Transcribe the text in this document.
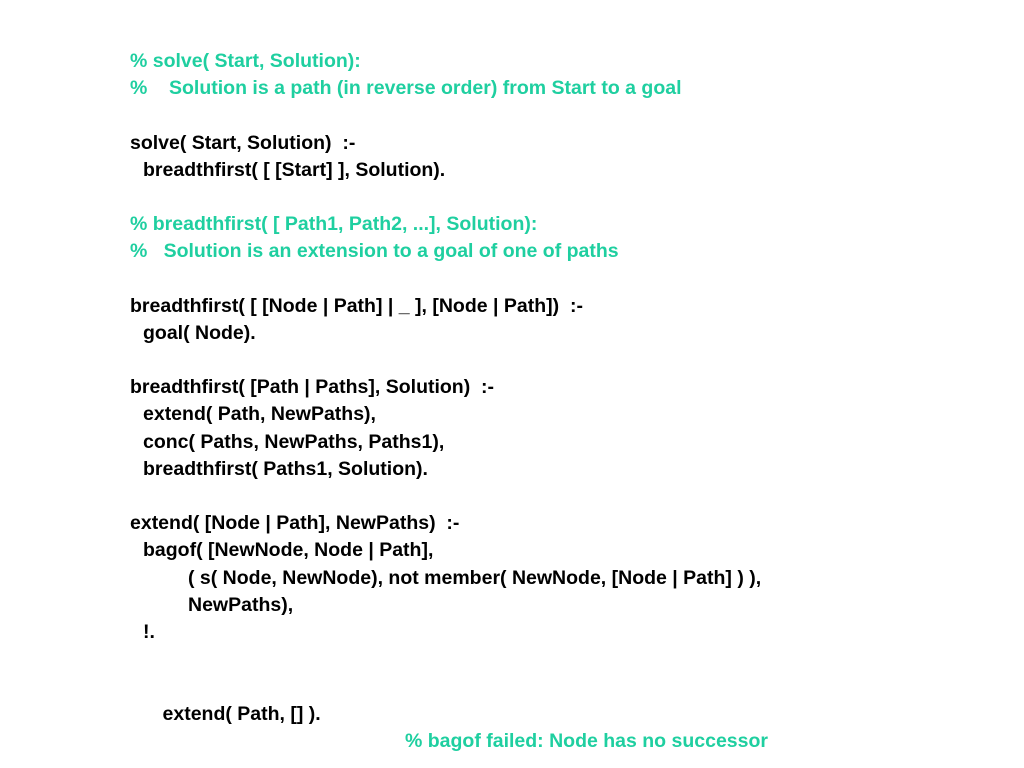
% solve( Start, Solution):
%    Solution is a path (in reverse order) from Start to a goal
solve( Start, Solution)  :-
breadthfirst( [ [Start] ], Solution).
% breadthfirst( [ Path1, Path2, ...], Solution):
%   Solution is an extension to a goal of one of paths
breadthfirst( [ [Node | Path] | _ ], [Node | Path])  :-
goal( Node).
breadthfirst( [Path | Paths], Solution)  :-
extend( Path, NewPaths),
conc( Paths, NewPaths, Paths1),
breadthfirst( Paths1, Solution).
extend( [Node | Path], NewPaths)  :-
bagof( [NewNode, Node | Path],
( s( Node, NewNode), not member( NewNode, [Node | Path] ) ),
NewPaths),
!.

extend( Path, [] ).

% bagof failed: Node has no successor
